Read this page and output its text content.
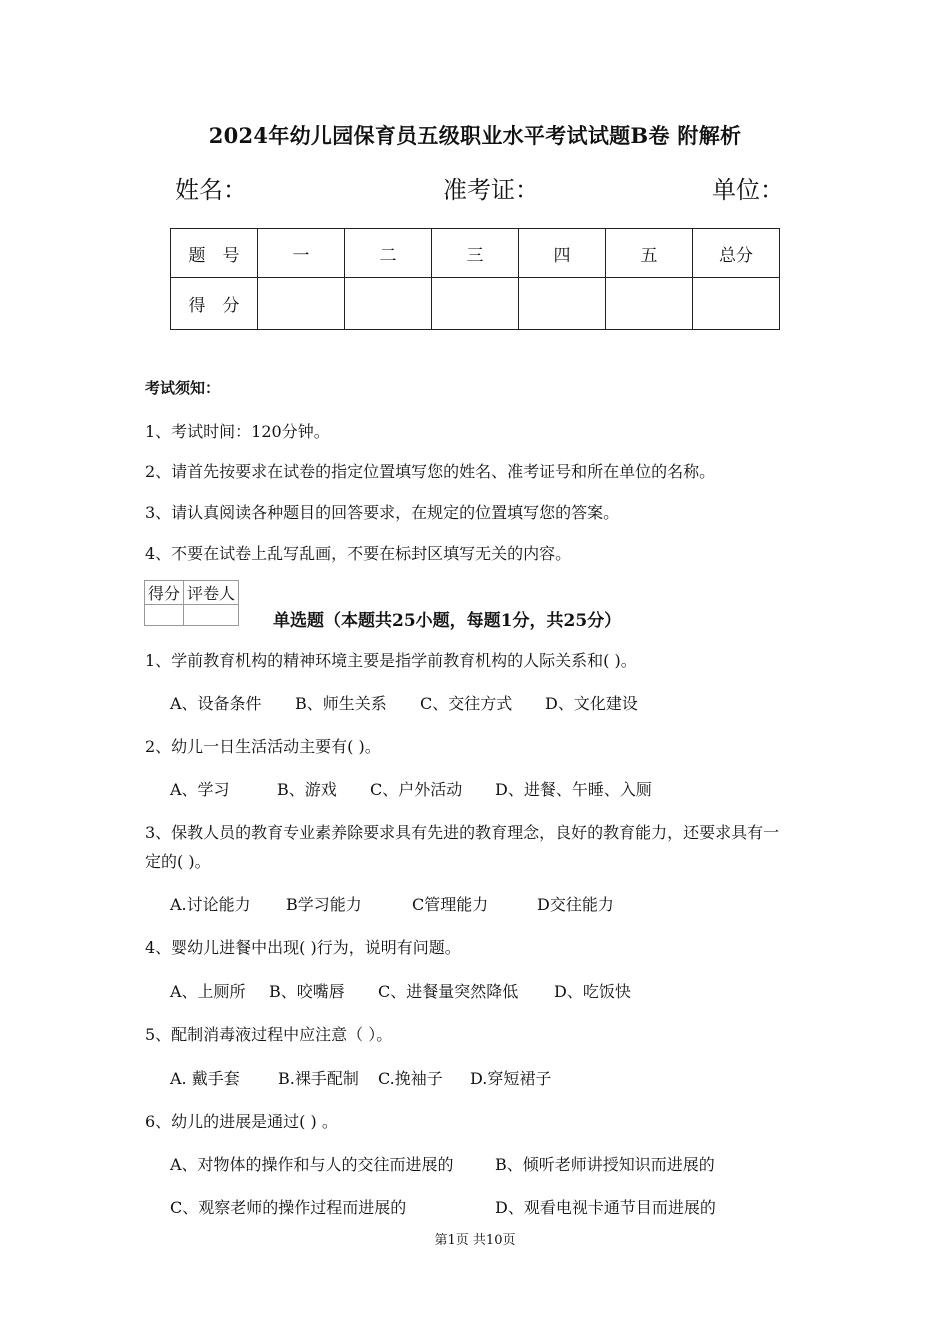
2024年幼儿园保育员五级职业水平考试试题B卷 附解析
姓名：	准考证：	单位：
题　号	一	二	三	四	五	总分
得　分						
考试须知：
1、考试时间：120分钟。
2、请首先按要求在试卷的指定位置填写您的姓名、准考证号和所在单位的名称。
3、请认真阅读各种题目的回答要求，在规定的位置填写您的答案。
4、不要在试卷上乱写乱画，不要在标封区填写无关的内容。
得分	评卷人

单选题（本题共25小题，每题1分，共25分）
1、学前教育机构的精神环境主要是指学前教育机构的人际关系和( )。
A、设备条件 B、师生关系 C、交往方式 D、文化建设
2、幼儿一日生活活动主要有( )。
A、学习	B、游戏 C、户外活动 D、进餐、午睡、入厕
3、保教人员的教育专业素养除要求具有先进的教育理念，良好的教育能力，还要求具有一
定的( )。
A.讨论能力 B学习能力	C管理能力	D交往能力
4、婴幼儿进餐中出现( )行为，说明有问题。
A、上厕所 B、咬嘴唇 C、进餐量突然降低 D、吃饭快
5、配制消毒液过程中应注意（ ）。
A. 戴手套 B.裸手配制 C.挽袖子 D.穿短裙子
6、幼儿的进展是通过( ) 。
A、对物体的操作和与人的交往而进展的	B、倾听老师讲授知识而进展的
C、观察老师的操作过程而进展的	D、观看电视卡通节目而进展的
第1页 共10页
